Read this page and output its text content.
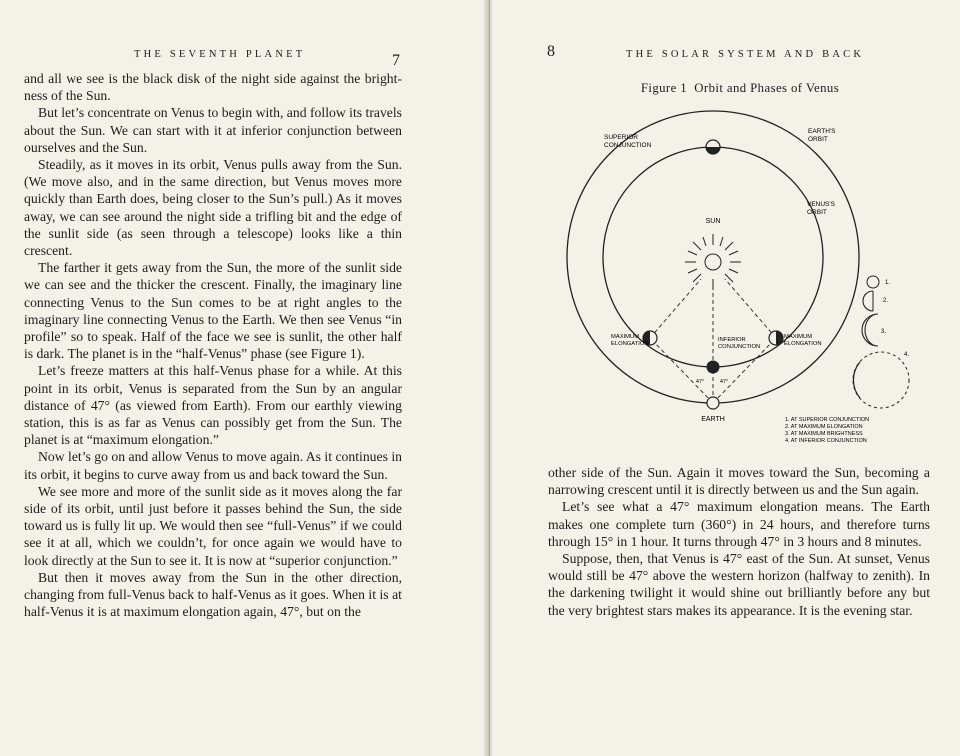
THE SEVENTH PLANET	7

and all we see is the black disk of the night side against the bright-ness of the Sun.

But let’s concentrate on Venus to begin with, and follow its travels about the Sun. We can start with it at inferior conjunction between ourselves and the Sun.

Steadily, as it moves in its orbit, Venus pulls away from the Sun. (We move also, and in the same direction, but Venus moves more quickly than Earth does, being closer to the Sun’s pull.) As it moves away, we can see around the night side a trifling bit and the edge of the sunlit side (as seen through a telescope) looks like a thin crescent.

The farther it gets away from the Sun, the more of the sunlit side we can see and the thicker the crescent. Finally, the imaginary line connecting Venus to the Sun comes to be at right angles to the imaginary line connecting Venus to the Earth. We then see Venus “in profile” so to speak. Half of the face we see is sunlit, the other half is dark. The planet is in the “half-Venus” phase (see Figure 1).

Let’s freeze matters at this half-Venus phase for a while. At this point in its orbit, Venus is separated from the Sun by an angular distance of 47° (as viewed from Earth). From our earthly viewing station, this is as far as Venus can possibly get from the Sun. The planet is at “maximum elongation.”

Now let’s go on and allow Venus to move again. As it continues in its orbit, it begins to curve away from us and back toward the Sun.

We see more and more of the sunlit side as it moves along the far side of its orbit, until just before it passes behind the Sun, the side toward us is fully lit up. We would then see “full-Venus” if we could see it at all, which we couldn’t, for once again we would have to look directly at the Sun to see it. It is now at “superior conjunction.”

But then it moves away from the Sun in the other direction, changing from full-Venus back to half-Venus as it goes. When it is at half-Venus it is at maximum elongation again, 47°, but on the

8	THE SOLAR SYSTEM AND BACK
Figure 1 Orbit and Phases of Venus
SUN
SUPERIOR
CONJUNCTION
EARTH'S
ORBIT
VENUS'S
ORBIT
MAXIMUM
ELONGATION
MAXIMUM
ELONGATION
INFERIOR
CONJUNCTION
47°	47°
EARTH
1.
2.
3.
4.
1. AT SUPERIOR CONJUNCTION
2. AT MAXIMUM ELONGATION
3. AT MAXIMUM BRIGHTNESS
4. AT INFERIOR CONJUNCTION

other side of the Sun. Again it moves toward the Sun, becoming a narrowing crescent until it is directly between us and the Sun again.

Let’s see what a 47° maximum elongation means. The Earth makes one complete turn (360°) in 24 hours, and therefore turns through 15° in 1 hour. It turns through 47° in 3 hours and 8 minutes.

Suppose, then, that Venus is 47° east of the Sun. At sunset, Venus would still be 47° above the western horizon (halfway to zenith). In the darkening twilight it would shine out brilliantly before any but the very brightest stars makes its appearance. It is the evening star.
